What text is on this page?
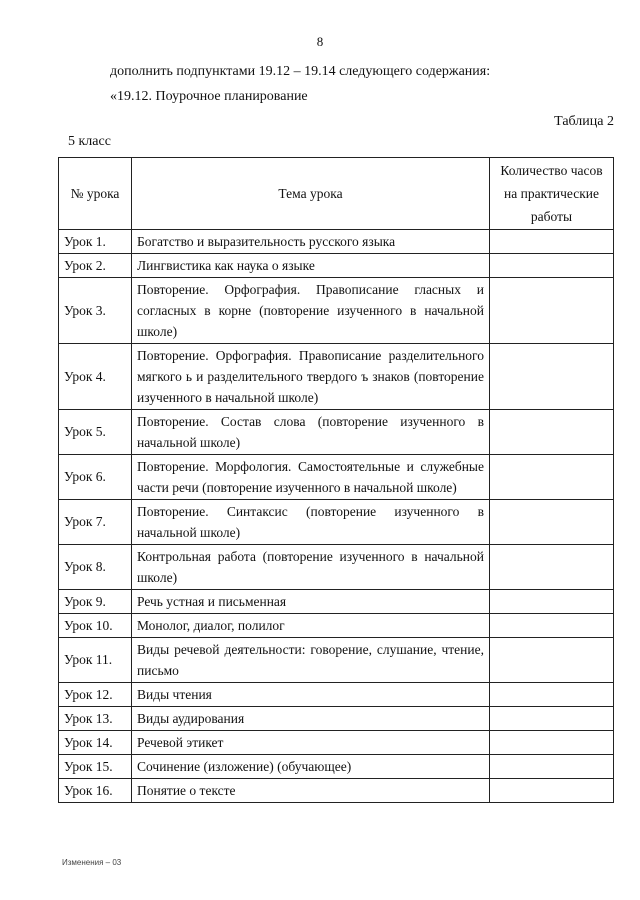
8
дополнить подпунктами 19.12 – 19.14 следующего содержания:
«19.12. Поурочное планирование
Таблица 2
5 класс
№ урока	Тема урока	Количество часов на практические работы
Урок 1.	Богатство и выразительность русского языка	
Урок 2.	Лингвистика как наука о языке	
Урок 3.	Повторение. Орфография. Правописание гласных и согласных в корне (повторение изученного в начальной школе)	
Урок 4.	Повторение. Орфография. Правописание разделительного мягкого ь и разделительного твердого ъ знаков (повторение изученного в начальной школе)	
Урок 5.	Повторение. Состав слова (повторение изученного в начальной школе)	
Урок 6.	Повторение. Морфология. Самостоятельные и служебные части речи (повторение изученного в начальной школе)	
Урок 7.	Повторение. Синтаксис (повторение изученного в начальной школе)	
Урок 8.	Контрольная работа (повторение изученного в начальной школе)	
Урок 9.	Речь устная и письменная	
Урок 10.	Монолог, диалог, полилог	
Урок 11.	Виды речевой деятельности: говорение, слушание, чтение, письмо	
Урок 12.	Виды чтения	
Урок 13.	Виды аудирования	
Урок 14.	Речевой этикет	
Урок 15.	Сочинение (изложение) (обучающее)	
Урок 16.	Понятие о тексте	
Изменения – 03
